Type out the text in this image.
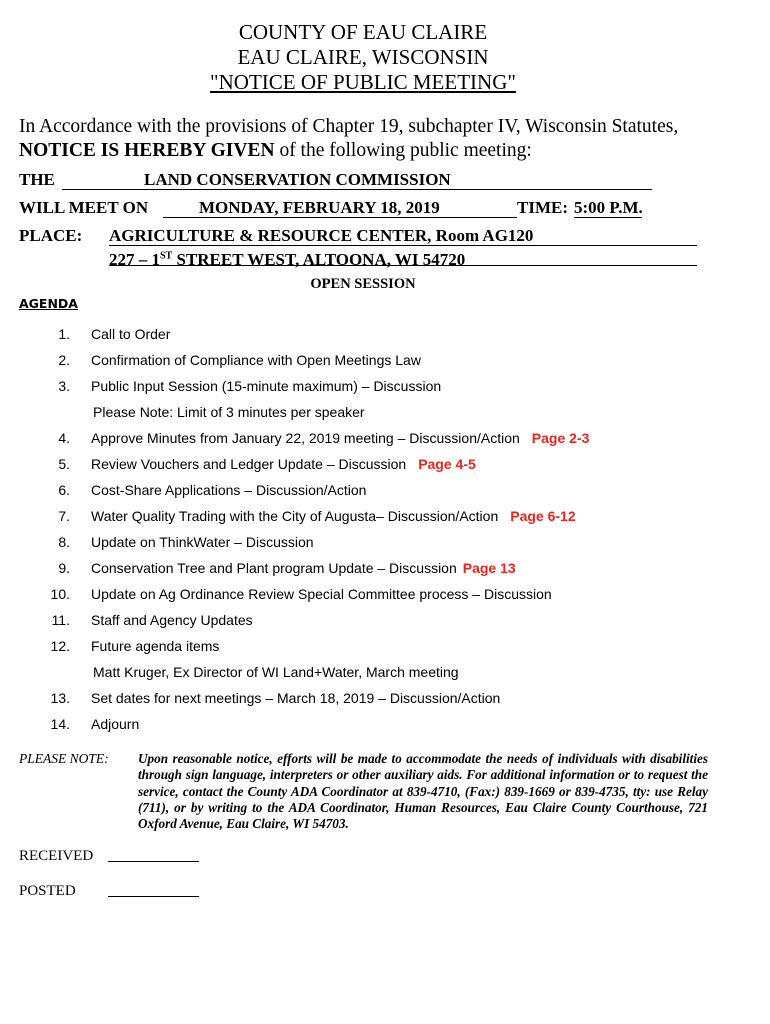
COUNTY OF EAU CLAIRE
EAU CLAIRE, WISCONSIN
"NOTICE OF PUBLIC MEETING"
In Accordance with the provisions of Chapter 19, subchapter IV, Wisconsin Statutes,
NOTICE IS HEREBY GIVEN of the following public meeting:
THE	LAND CONSERVATION COMMISSION
WILL MEET ON	MONDAY, FEBRUARY 18, 2019	TIME: 5:00 P.M.
PLACE: AGRICULTURE & RESOURCE CENTER, Room AG120
227 – 1ST STREET WEST, ALTOONA, WI 54720
OPEN SESSION
AGENDA
1. Call to Order
2. Confirmation of Compliance with Open Meetings Law
3. Public Input Session (15-minute maximum) – Discussion
Please Note: Limit of 3 minutes per speaker
4. Approve Minutes from January 22, 2019 meeting – Discussion/Action Page 2-3
5. Review Vouchers and Ledger Update – Discussion Page 4-5
6. Cost-Share Applications – Discussion/Action
7. Water Quality Trading with the City of Augusta– Discussion/Action Page 6-12
8. Update on ThinkWater – Discussion
9. Conservation Tree and Plant program Update – Discussion Page 13
10. Update on Ag Ordinance Review Special Committee process – Discussion
11. Staff and Agency Updates
12. Future agenda items
Matt Kruger, Ex Director of WI Land+Water, March meeting
13. Set dates for next meetings – March 18, 2019 – Discussion/Action
14. Adjourn
PLEASE NOTE: Upon reasonable notice, efforts will be made to accommodate the needs of individuals with disabilities through sign language, interpreters or other auxiliary aids. For additional information or to request the service, contact the County ADA Coordinator at 839-4710, (Fax:) 839-1669 or 839-4735, tty: use Relay (711), or by writing to the ADA Coordinator, Human Resources, Eau Claire County Courthouse, 721 Oxford Avenue, Eau Claire, WI 54703.
RECEIVED
POSTED
